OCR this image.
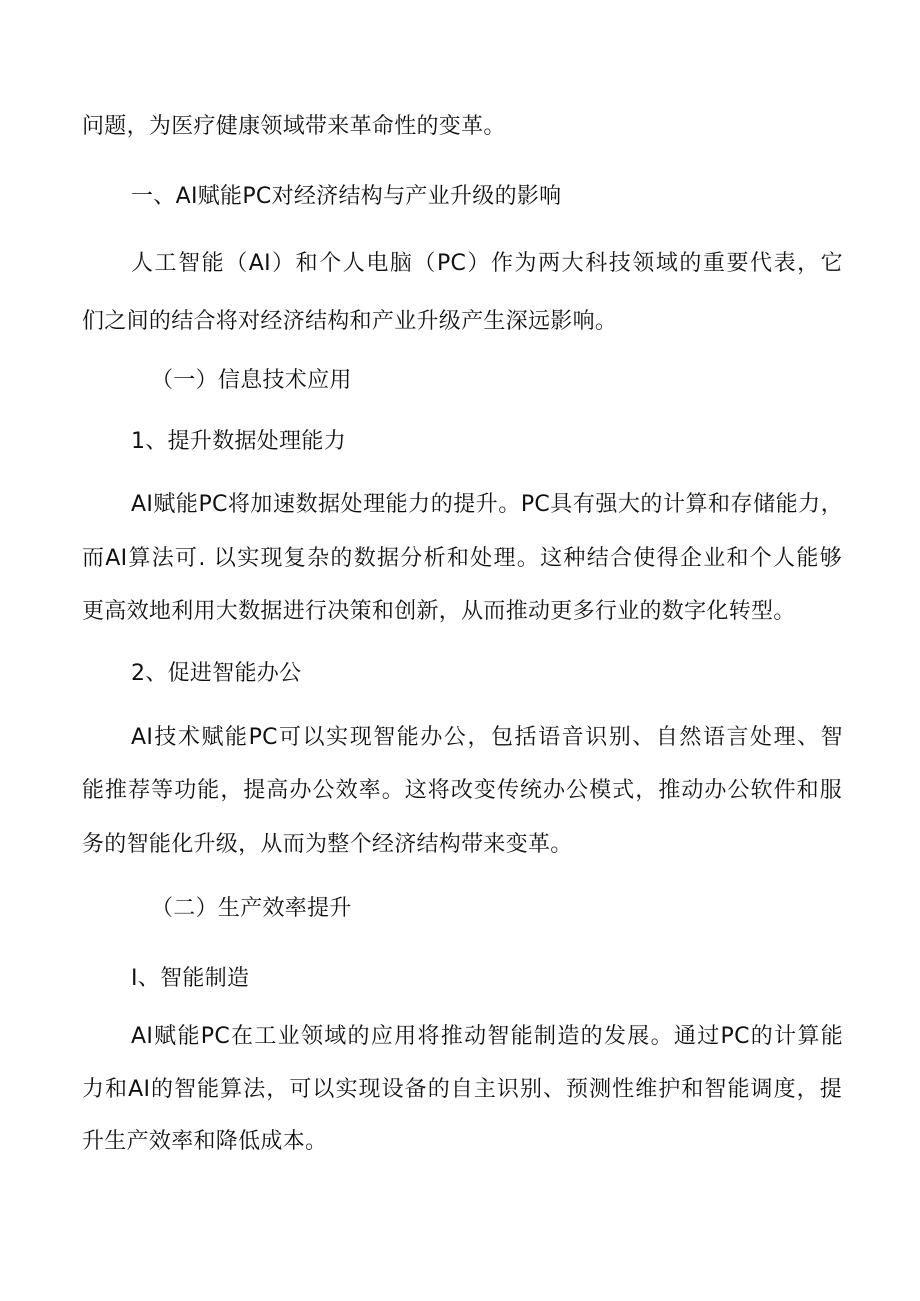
问题，为医疗健康领域带来革命性的变革。
一、AI赋能PC对经济结构与产业升级的影响
人工智能（AI）和个人电脑（PC）作为两大科技领域的重要代表，它
们之间的结合将对经济结构和产业升级产生深远影响。
（一）信息技术应用
1、提升数据处理能力
AI赋能PC将加速数据处理能力的提升。PC具有强大的计算和存储能力，
而AI算法可. 以实现复杂的数据分析和处理。这种结合使得企业和个人能够
更高效地利用大数据进行决策和创新，从而推动更多行业的数字化转型。
2、促进智能办公
AI技术赋能PC可以实现智能办公，包括语音识别、自然语言处理、智
能推荐等功能，提高办公效率。这将改变传统办公模式，推动办公软件和服
务的智能化升级，从而为整个经济结构带来变革。
（二）生产效率提升
I、智能制造
AI赋能PC在工业领域的应用将推动智能制造的发展。通过PC的计算能
力和AI的智能算法，可以实现设备的自主识别、预测性维护和智能调度，提
升生产效率和降低成本。
